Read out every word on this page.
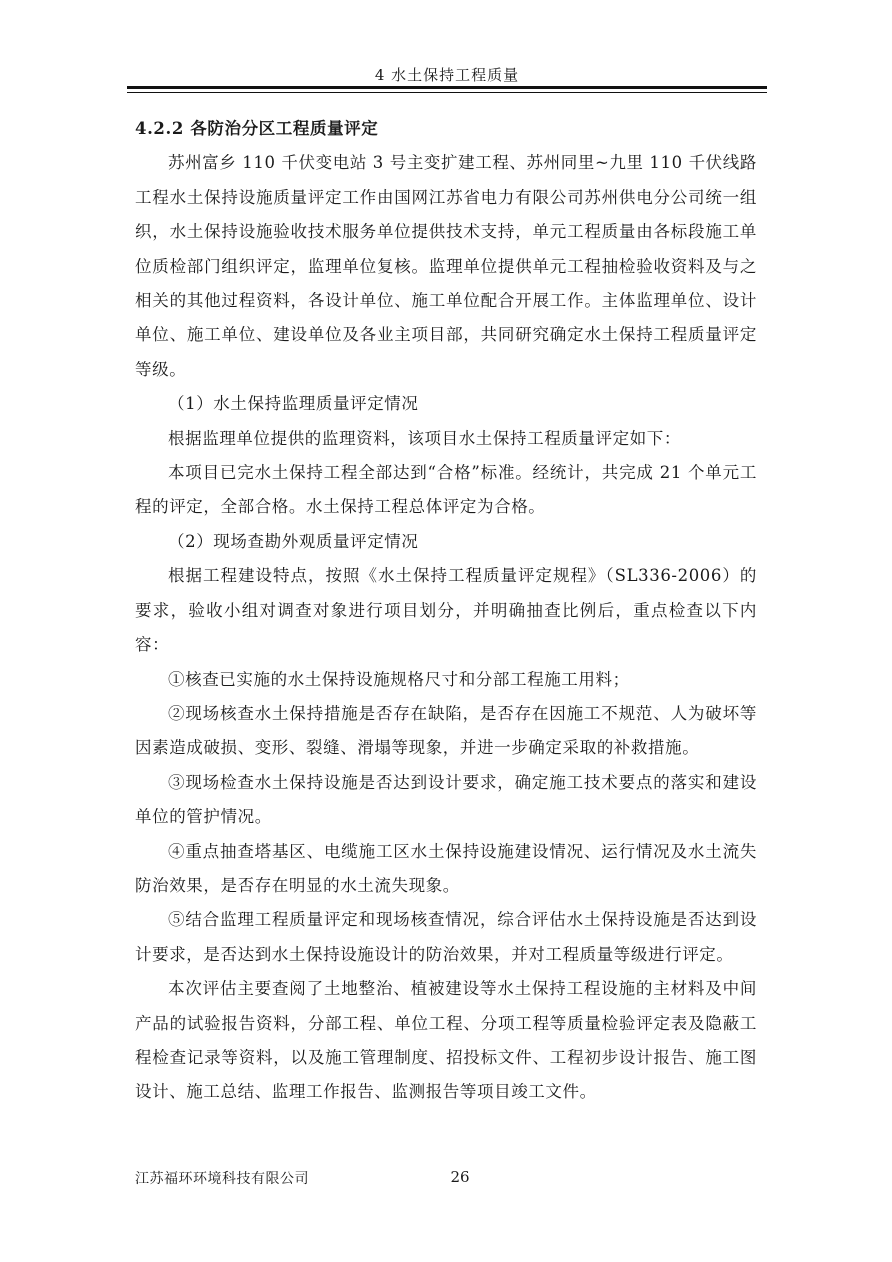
4 水土保持工程质量

4.2.2 各防治分区工程质量评定

苏州富乡 110 千伏变电站 3 号主变扩建工程、苏州同里~九里 110 千伏线路工程水土保持设施质量评定工作由国网江苏省电力有限公司苏州供电分公司统一组织，水土保持设施验收技术服务单位提供技术支持，单元工程质量由各标段施工单位质检部门组织评定，监理单位复核。监理单位提供单元工程抽检验收资料及与之相关的其他过程资料，各设计单位、施工单位配合开展工作。主体监理单位、设计单位、施工单位、建设单位及各业主项目部，共同研究确定水土保持工程质量评定等级。

（1）水土保持监理质量评定情况

根据监理单位提供的监理资料，该项目水土保持工程质量评定如下：

本项目已完水土保持工程全部达到“合格”标准。经统计，共完成 21 个单元工程的评定，全部合格。水土保持工程总体评定为合格。

（2）现场查勘外观质量评定情况

根据工程建设特点，按照《水土保持工程质量评定规程》（SL336-2006）的要求，验收小组对调查对象进行项目划分，并明确抽查比例后，重点检查以下内容：

①核查已实施的水土保持设施规格尺寸和分部工程施工用料；

②现场核查水土保持措施是否存在缺陷，是否存在因施工不规范、人为破坏等因素造成破损、变形、裂缝、滑塌等现象，并进一步确定采取的补救措施。

③现场检查水土保持设施是否达到设计要求，确定施工技术要点的落实和建设单位的管护情况。

④重点抽查塔基区、电缆施工区水土保持设施建设情况、运行情况及水土流失防治效果，是否存在明显的水土流失现象。

⑤结合监理工程质量评定和现场核查情况，综合评估水土保持设施是否达到设计要求，是否达到水土保持设施设计的防治效果，并对工程质量等级进行评定。

本次评估主要查阅了土地整治、植被建设等水土保持工程设施的主材料及中间产品的试验报告资料，分部工程、单位工程、分项工程等质量检验评定表及隐蔽工程检查记录等资料，以及施工管理制度、招投标文件、工程初步设计报告、施工图设计、施工总结、监理工作报告、监测报告等项目竣工文件。

江苏福环环境科技有限公司	26
